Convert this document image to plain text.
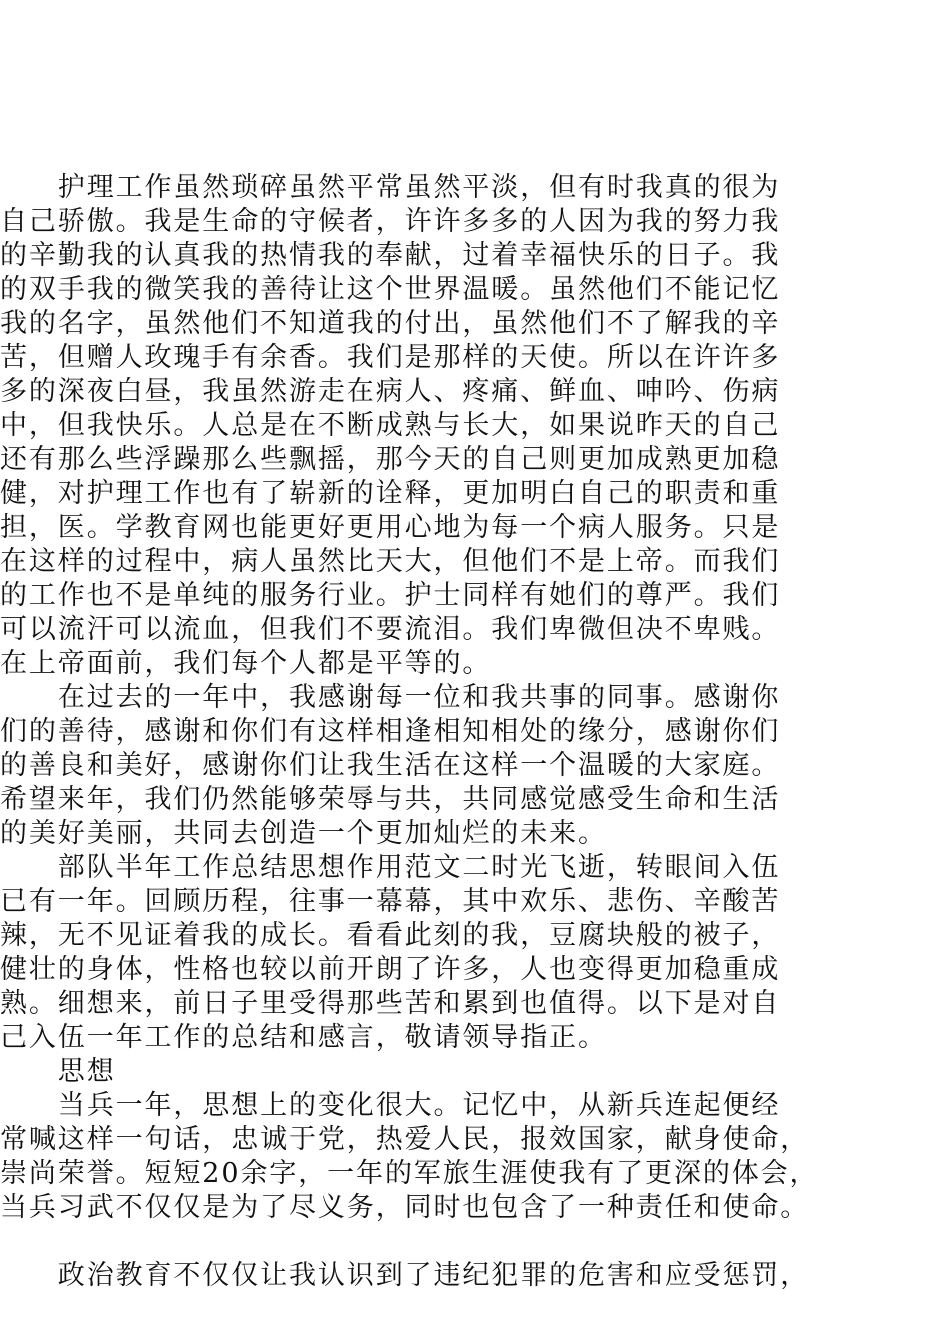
　　护理工作虽然琐碎虽然平常虽然平淡，但有时我真的很为
自己骄傲。我是生命的守候者，许许多多的人因为我的努力我
的辛勤我的认真我的热情我的奉献，过着幸福快乐的日子。我
的双手我的微笑我的善待让这个世界温暖。虽然他们不能记忆
我的名字，虽然他们不知道我的付出，虽然他们不了解我的辛
苦，但赠人玫瑰手有余香。我们是那样的天使。所以在许许多
多的深夜白昼，我虽然游走在病人、疼痛、鲜血、呻吟、伤病
中，但我快乐。人总是在不断成熟与长大，如果说昨天的自己
还有那么些浮躁那么些飘摇，那今天的自己则更加成熟更加稳
健，对护理工作也有了崭新的诠释，更加明白自己的职责和重
担，医。学教育网也能更好更用心地为每一个病人服务。只是
在这样的过程中，病人虽然比天大，但他们不是上帝。而我们
的工作也不是单纯的服务行业。护士同样有她们的尊严。我们
可以流汗可以流血，但我们不要流泪。我们卑微但决不卑贱。
在上帝面前，我们每个人都是平等的。
　　在过去的一年中，我感谢每一位和我共事的同事。感谢你
们的善待，感谢和你们有这样相逢相知相处的缘分，感谢你们
的善良和美好，感谢你们让我生活在这样一个温暖的大家庭。
希望来年，我们仍然能够荣辱与共，共同感觉感受生命和生活
的美好美丽，共同去创造一个更加灿烂的未来。
　　部队半年工作总结思想作用范文二时光飞逝，转眼间入伍
已有一年。回顾历程，往事一幕幕，其中欢乐、悲伤、辛酸苦
辣，无不见证着我的成长。看看此刻的我，豆腐块般的被子，
健壮的身体，性格也较以前开朗了许多，人也变得更加稳重成
熟。细想来，前日子里受得那些苦和累到也值得。以下是对自
己入伍一年工作的总结和感言，敬请领导指正。
　　思想
　　当兵一年，思想上的变化很大。记忆中，从新兵连起便经
常喊这样一句话，忠诚于党，热爱人民，报效国家，献身使命，
崇尚荣誉。短短20余字，一年的军旅生涯使我有了更深的体会，
当兵习武不仅仅是为了尽义务，同时也包含了一种责任和使命。
　　政治教育不仅仅让我认识到了违纪犯罪的危害和应受惩罚，
